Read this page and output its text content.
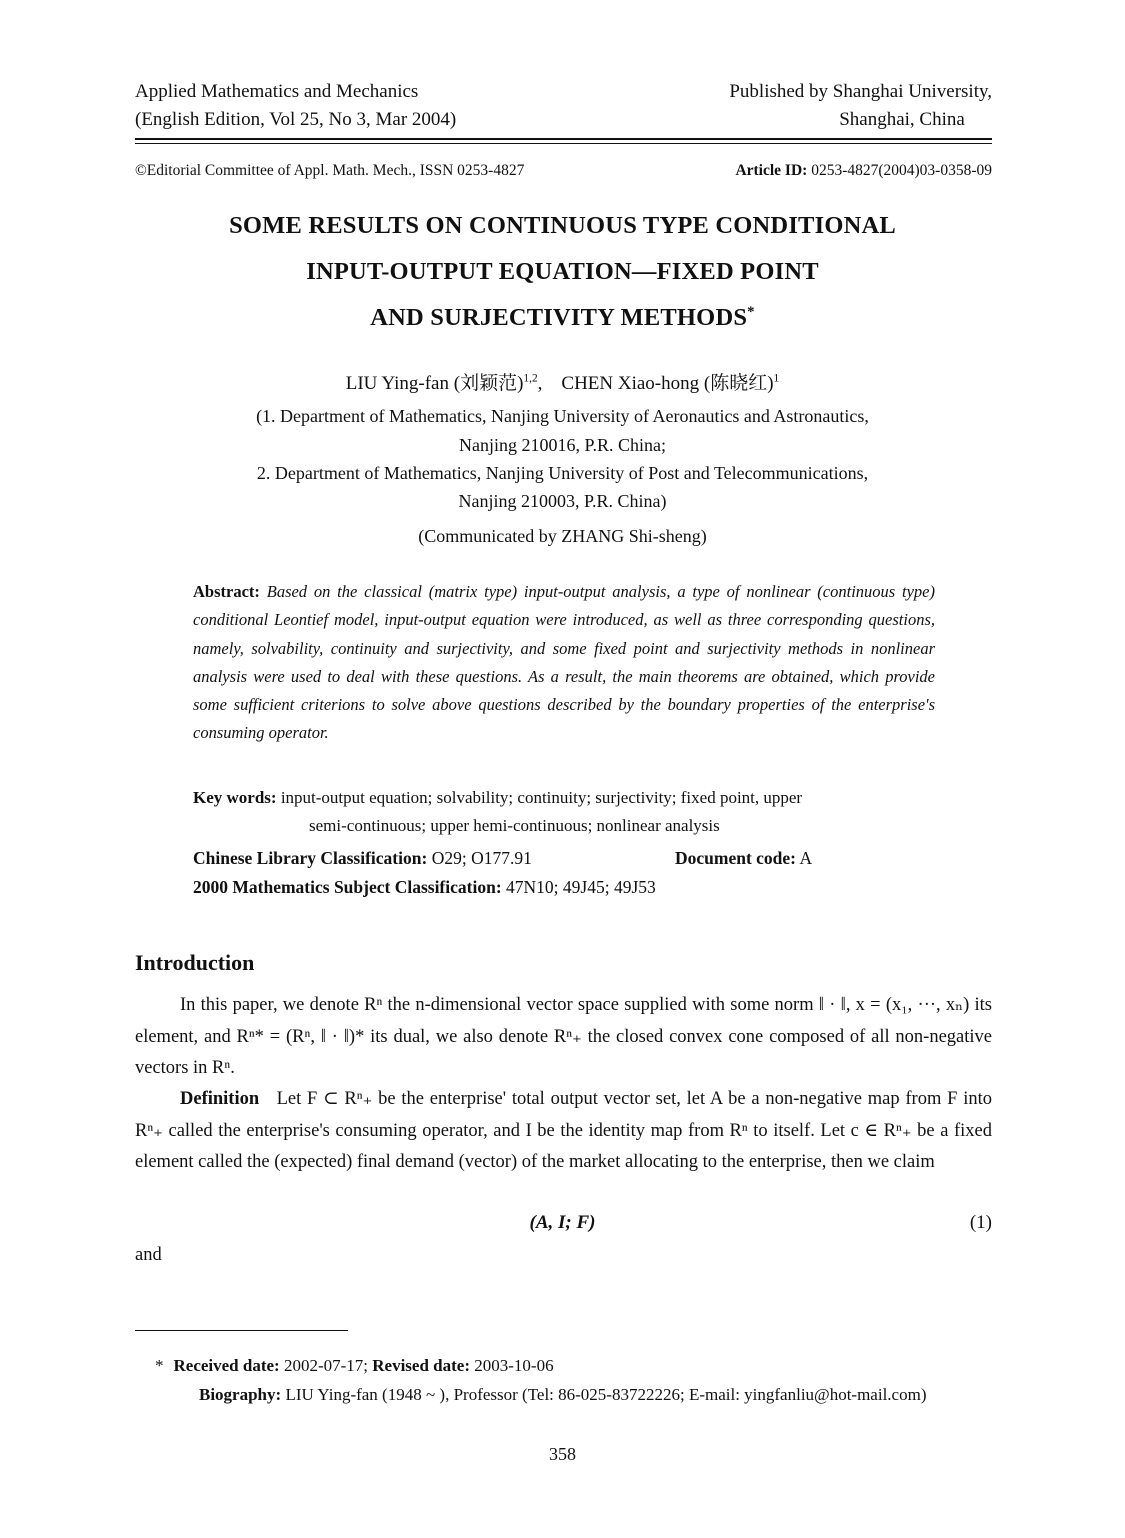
Applied Mathematics and Mechanics
(English Edition, Vol 25, No 3, Mar 2004)
Published by Shanghai University,
Shanghai, China
©Editorial Committee of Appl. Math. Mech., ISSN 0253-4827	Article ID: 0253-4827(2004)03-0358-09
SOME RESULTS ON CONTINUOUS TYPE CONDITIONAL
INPUT-OUTPUT EQUATION—FIXED POINT
AND SURJECTIVITY METHODS*
LIU Ying-fan (刘颖范)$^{1,2}$, CHEN Xiao-hong (陈晓红)$^1$
(1. Department of Mathematics, Nanjing University of Aeronautics and Astronautics,
Nanjing 210016, P.R. China;
2. Department of Mathematics, Nanjing University of Post and Telecommunications,
Nanjing 210003, P.R. China)
(Communicated by ZHANG Shi-sheng)
Abstract: Based on the classical (matrix type) input-output analysis, a type of nonlinear (continuous type) conditional Leontief model, input-output equation were introduced, as well as three corresponding questions, namely, solvability, continuity and surjectivity, and some fixed point and surjectivity methods in nonlinear analysis were used to deal with these questions. As a result, the main theorems are obtained, which provide some sufficient criterions to solve above questions described by the boundary properties of the enterprise's consuming operator.
Key words: input-output equation; solvability; continuity; surjectivity; fixed point, upper
semi-continuous; upper hemi-continuous; nonlinear analysis
Chinese Library Classification: O29; O177.91	Document code: A
2000 Mathematics Subject Classification: 47N10; 49J45; 49J53
Introduction
In this paper, we denote Rⁿ the n-dimensional vector space supplied with some norm ‖ · ‖, x = (x₁, ···, xₙ) its element, and Rⁿ* = (Rⁿ, ‖ · ‖)* its dual, we also denote Rⁿ₊ the closed convex cone composed of all non-negative vectors in Rⁿ.
Definition Let F ⊂ Rⁿ₊ be the enterprise' total output vector set, let A be a non-negative map from F into Rⁿ₊ called the enterprise's consuming operator, and I be the identity map from Rⁿ to itself. Let c ∈ Rⁿ₊ be a fixed element called the (expected) final demand (vector) of the market allocating to the enterprise, then we claim
(A, I; F)	(1)
and
* Received date: 2002-07-17; Revised date: 2003-10-06
Biography: LIU Ying-fan (1948 ~ ), Professor (Tel: 86-025-83722226; E-mail: yingfanliu@hot-mail.com)
358
